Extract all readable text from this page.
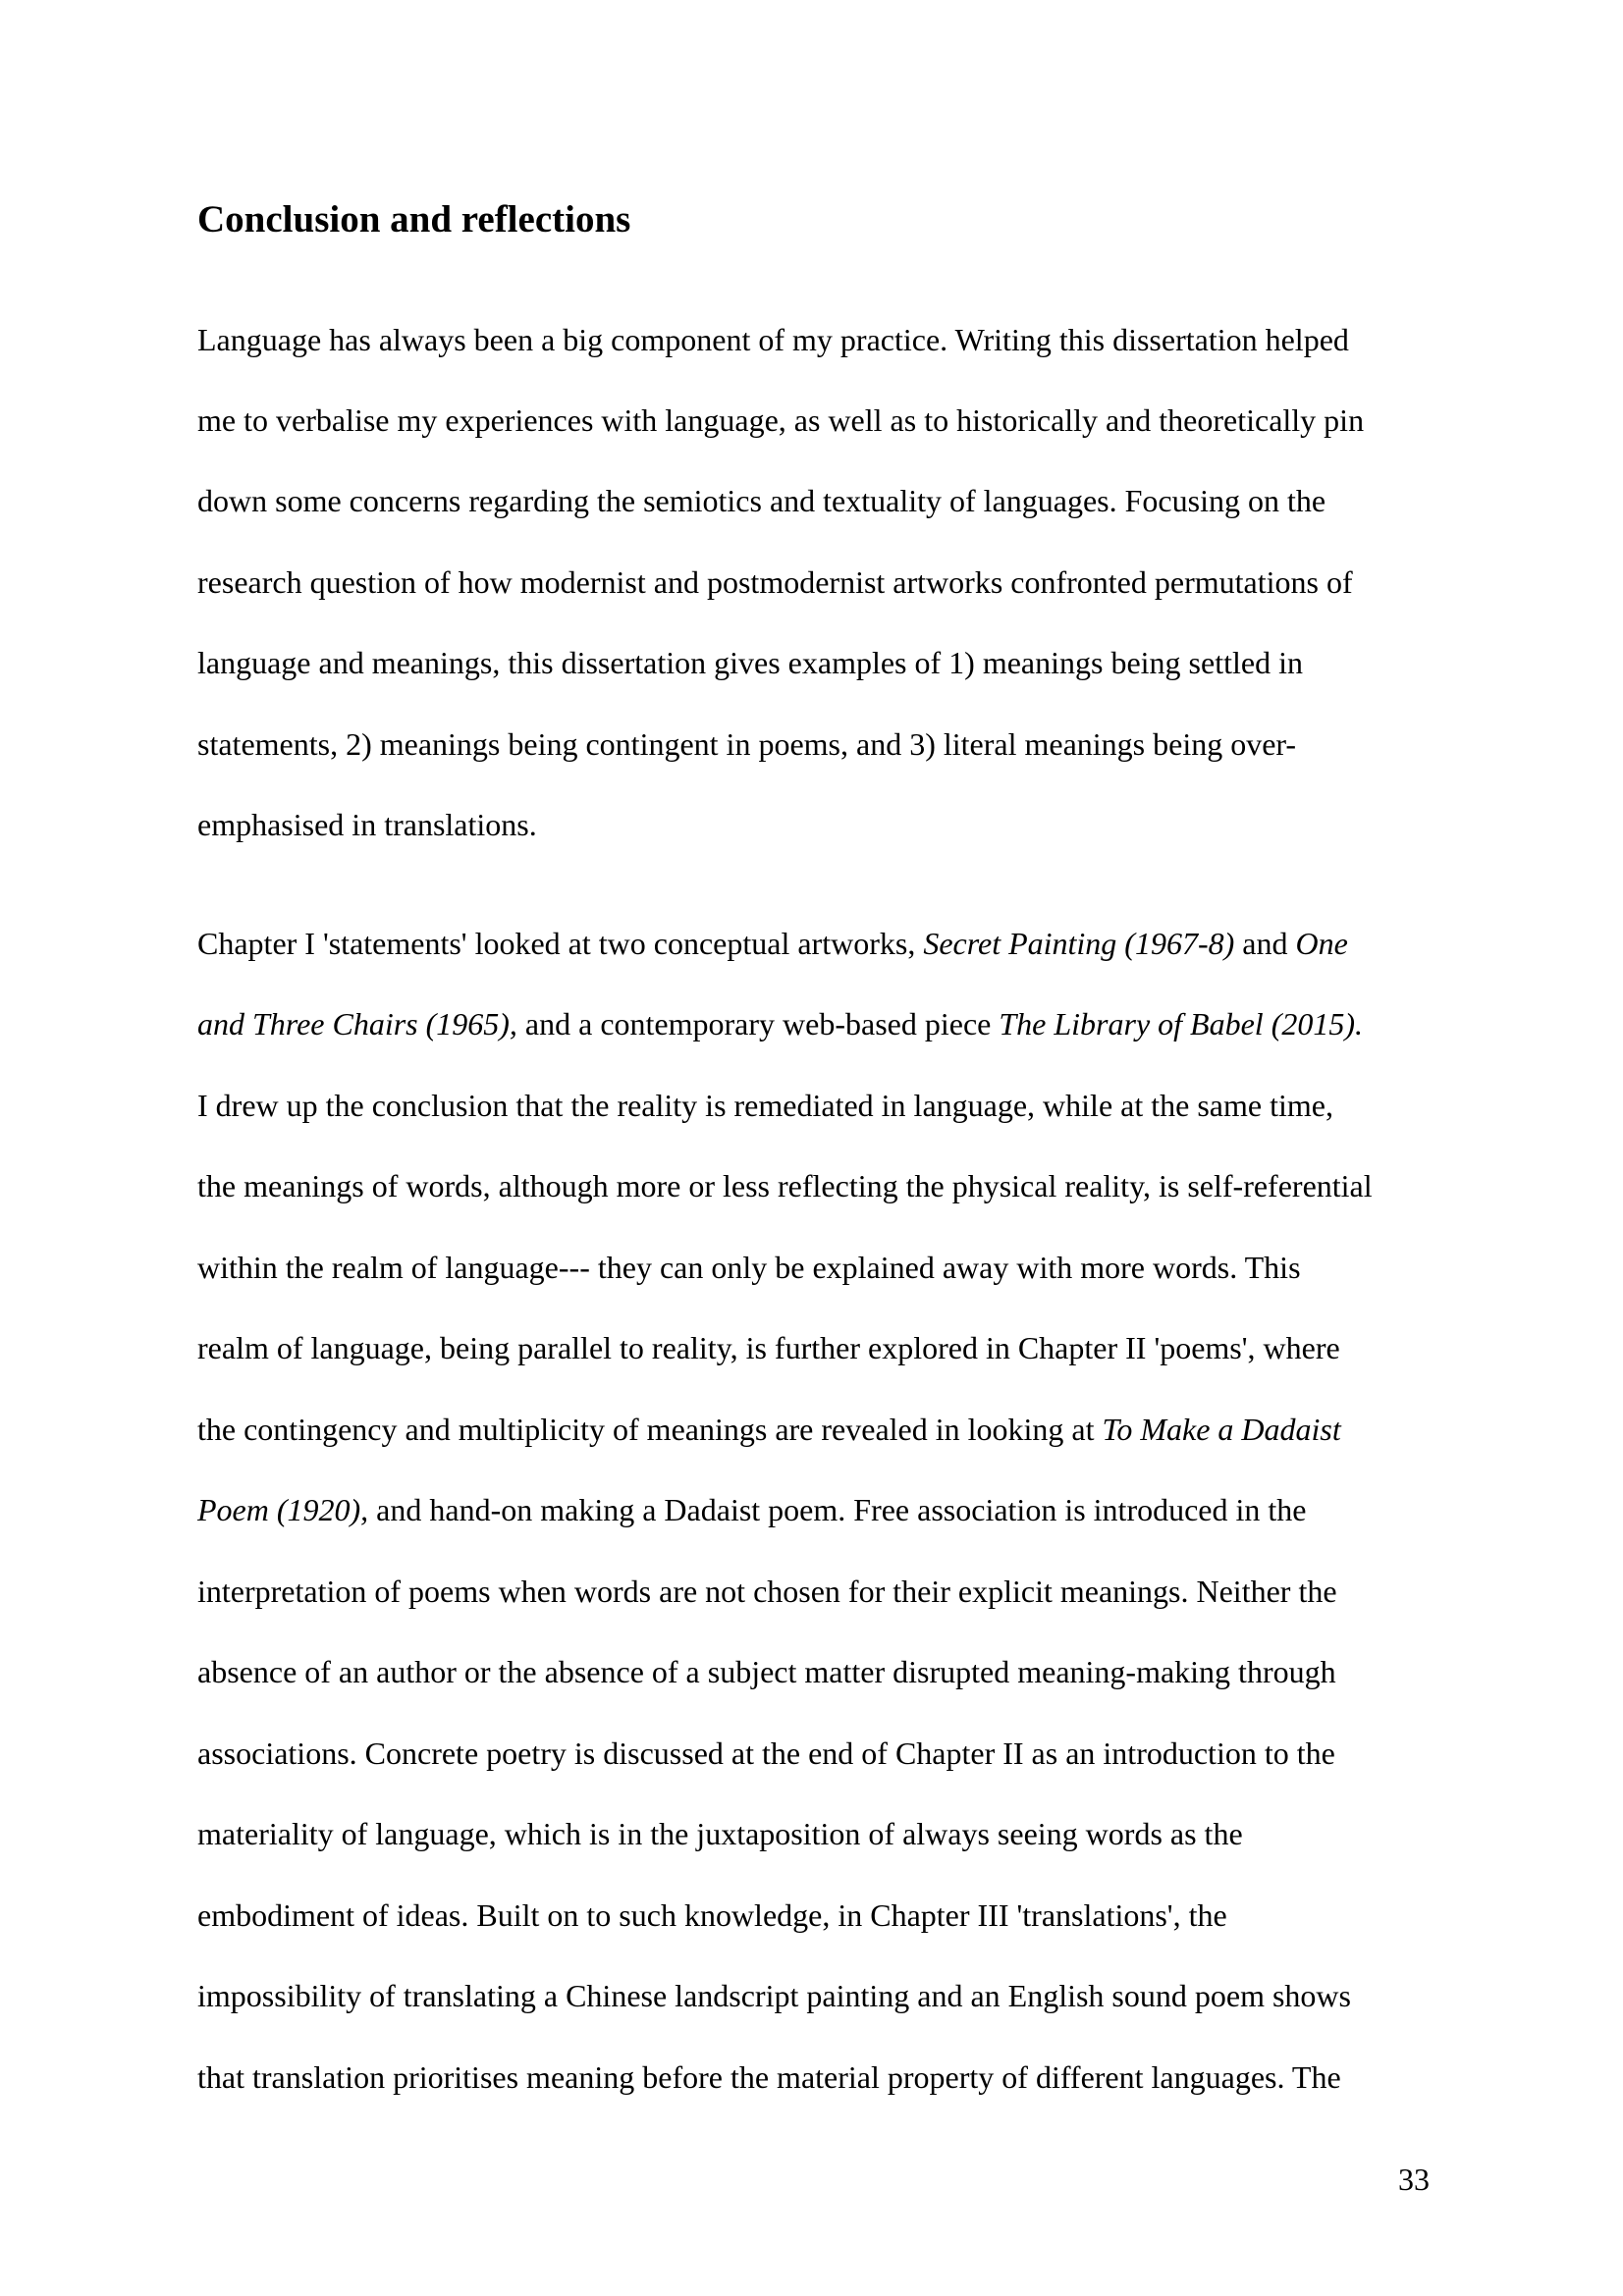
Conclusion and reflections

Language has always been a big component of my practice. Writing this dissertation helped

me to verbalise my experiences with language, as well as to historically and theoretically pin

down some concerns regarding the semiotics and textuality of languages. Focusing on the

research question of how modernist and postmodernist artworks confronted permutations of

language and meanings, this dissertation gives examples of 1) meanings being settled in

statements, 2) meanings being contingent in poems, and 3) literal meanings being over-

emphasised in translations.

Chapter I 'statements' looked at two conceptual artworks, Secret Painting (1967-8) and One

and Three Chairs (1965), and a contemporary web-based piece The Library of Babel (2015).

I drew up the conclusion that the reality is remediated in language, while at the same time,

the meanings of words, although more or less reflecting the physical reality, is self-referential

within the realm of language--- they can only be explained away with more words. This

realm of language, being parallel to reality, is further explored in Chapter II 'poems', where

the contingency and multiplicity of meanings are revealed in looking at To Make a Dadaist

Poem (1920), and hand-on making a Dadaist poem. Free association is introduced in the

interpretation of poems when words are not chosen for their explicit meanings. Neither the

absence of an author or the absence of a subject matter disrupted meaning-making through

associations. Concrete poetry is discussed at the end of Chapter II as an introduction to the

materiality of language, which is in the juxtaposition of always seeing words as the

embodiment of ideas. Built on to such knowledge, in Chapter III 'translations', the

impossibility of translating a Chinese landscript painting and an English sound poem shows

that translation prioritises meaning before the material property of different languages. The

33
